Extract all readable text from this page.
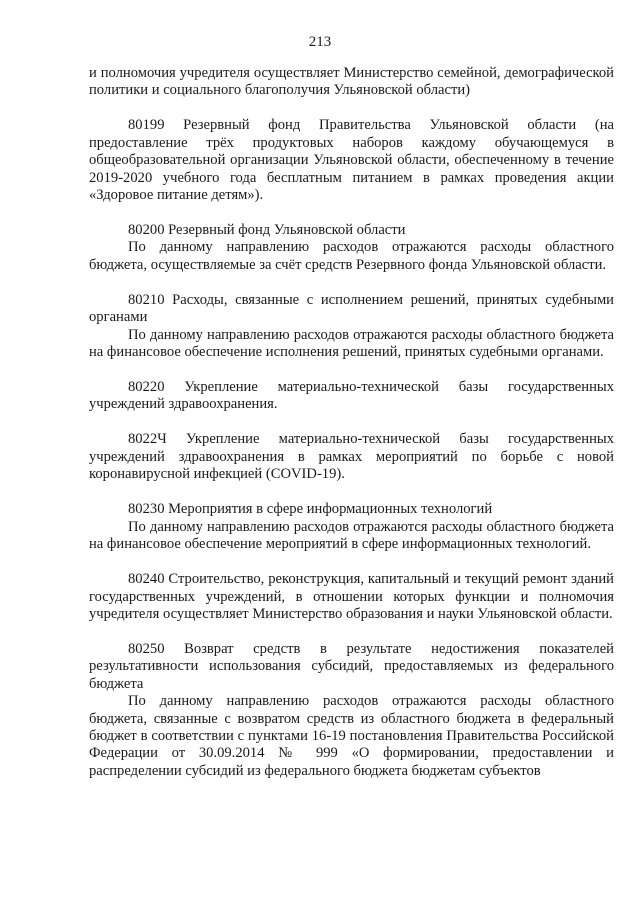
213

и полномочия учредителя осуществляет Министерство семейной, демографической политики и социального благополучия Ульяновской области)

80199 Резервный фонд Правительства Ульяновской области (на предоставление трёх продуктовых наборов каждому обучающемуся в общеобразовательной организации Ульяновской области, обеспеченному в течение 2019-2020 учебного года бесплатным питанием в рамках проведения акции «Здоровое питание детям»).

80200 Резервный фонд Ульяновской области

По данному направлению расходов отражаются расходы областного бюджета, осуществляемые за счёт средств Резервного фонда Ульяновской области.

80210 Расходы, связанные с исполнением решений, принятых судебными органами

По данному направлению расходов отражаются расходы областного бюджета на финансовое обеспечение исполнения решений, принятых судебными органами.

80220 Укрепление материально-технической базы государственных учреждений здравоохранения.

8022Ч Укрепление материально-технической базы государственных учреждений здравоохранения в рамках мероприятий по борьбе с новой коронавирусной инфекцией (COVID-19).

80230 Мероприятия в сфере информационных технологий

По данному направлению расходов отражаются расходы областного бюджета на финансовое обеспечение мероприятий в сфере информационных технологий.

80240 Строительство, реконструкция, капитальный и текущий ремонт зданий государственных учреждений, в отношении которых функции и полномочия учредителя осуществляет Министерство образования и науки Ульяновской области.

80250 Возврат средств в результате недостижения показателей результативности использования субсидий, предоставляемых из федерального бюджета

По данному направлению расходов отражаются расходы областного бюджета, связанные с возвратом средств из областного бюджета в федеральный бюджет в соответствии с пунктами 16-19 постановления Правительства Российской Федерации от 30.09.2014 № 999 «О формировании, предоставлении и распределении субсидий из федерального бюджета бюджетам субъектов
